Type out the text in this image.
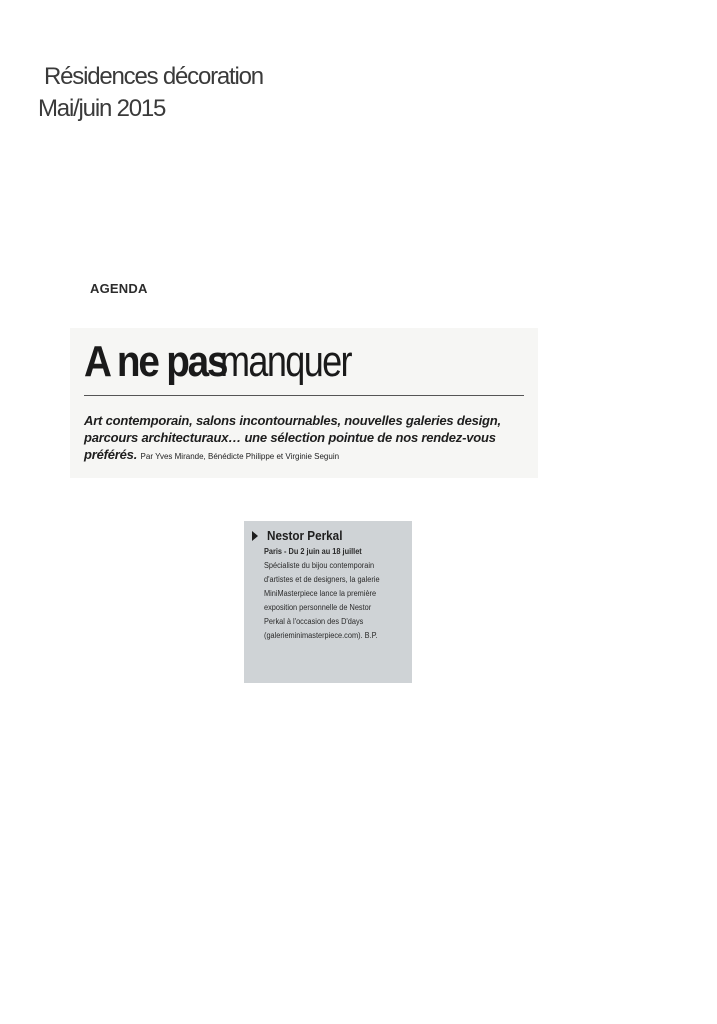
Résidences décoration
Mai/juin 2015
AGENDA
A ne pas manquer
Art contemporain, salons incontournables, nouvelles galeries design, parcours architecturaux… une sélection pointue de nos rendez-vous préférés. Par Yves Mirande, Bénédicte Philippe et Virginie Seguin
Nestor Perkal
Paris - Du 2 juin au 18 juillet
Spécialiste du bijou contemporain
d'artistes et de designers, la galerie
MiniMasterpiece lance la première
exposition personnelle de Nestor
Perkal à l'occasion des D'days
(galerieminimasterpiece.com). B.P.
